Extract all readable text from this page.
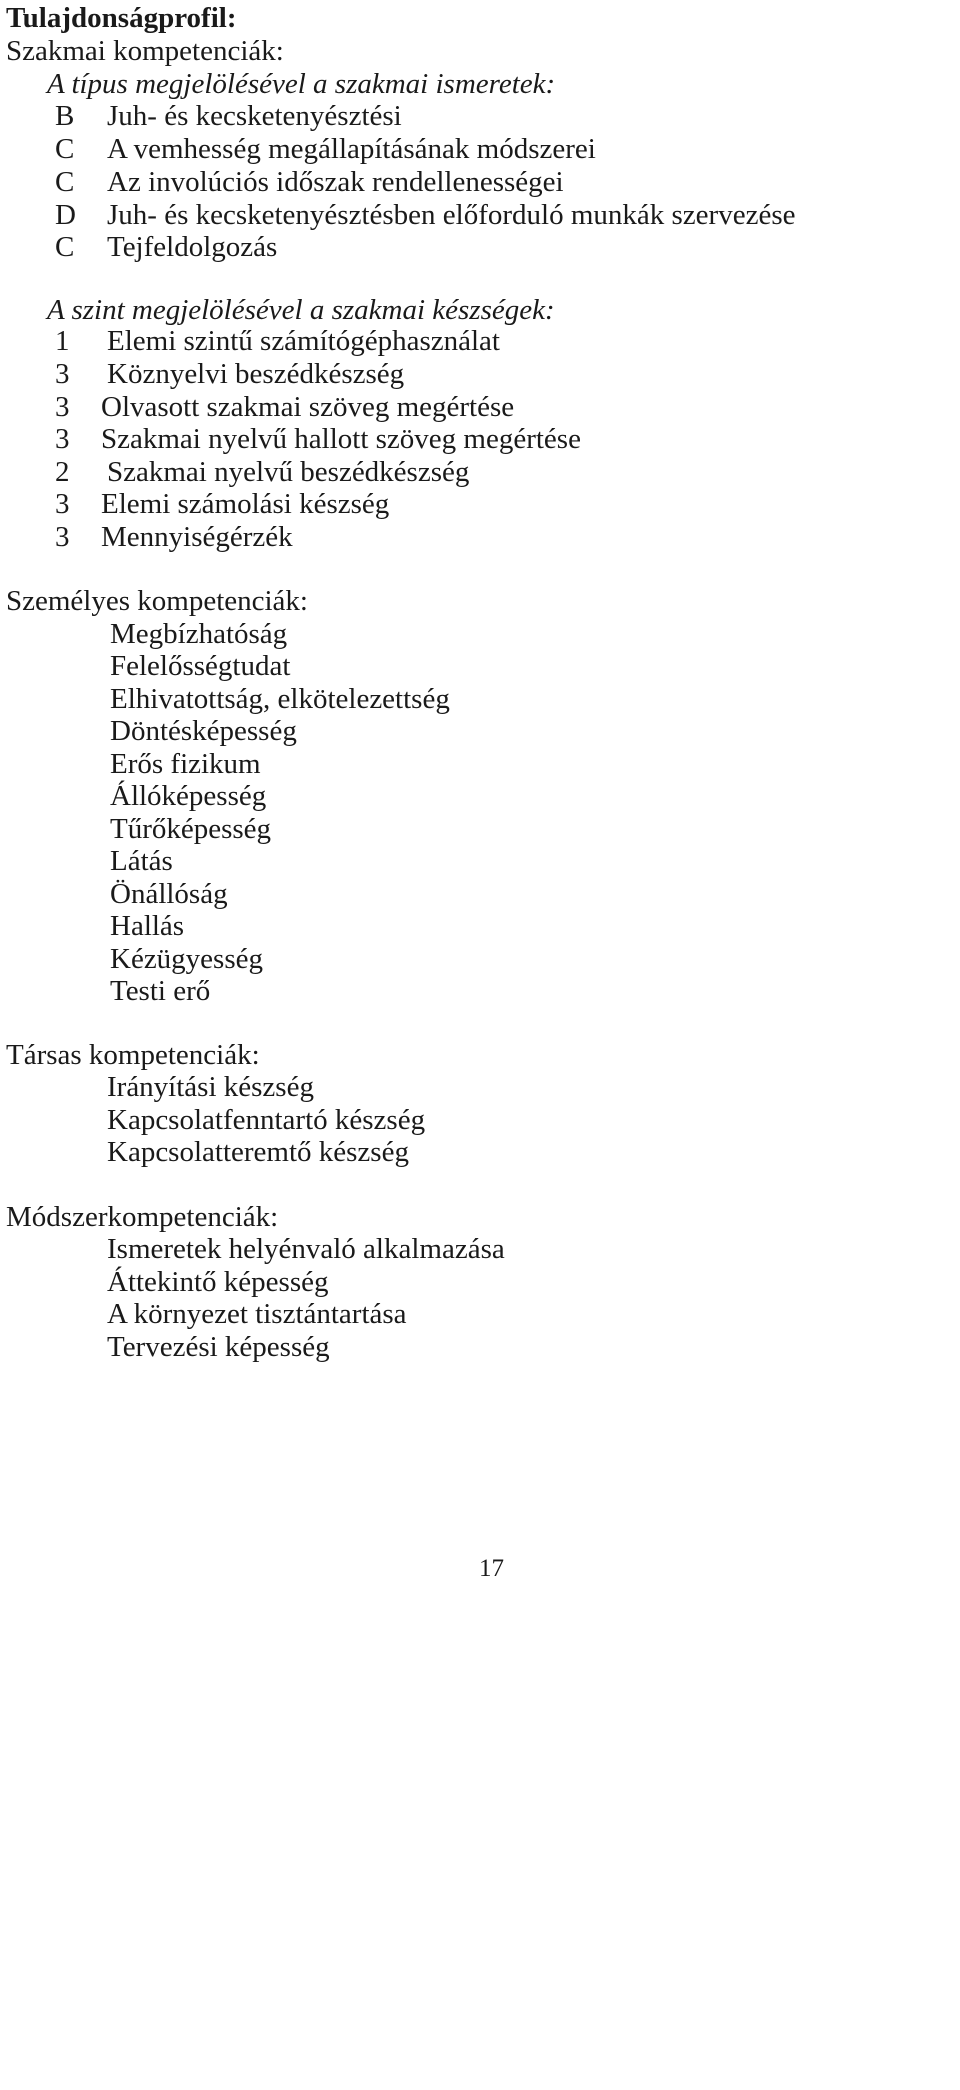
Tulajdonságprofil:
Szakmai kompetenciák:
A típus megjelölésével a szakmai ismeretek:
B Juh- és kecsketenyésztési
C A vemhesség megállapításának módszerei
C Az involúciós időszak rendellenességei
D Juh- és kecsketenyésztésben előforduló munkák szervezése
C Tejfeldolgozás
A szint megjelölésével a szakmai készségek:
1 Elemi szintű számítógéphasználat
3 Köznyelvi beszédkészség
3 Olvasott szakmai szöveg megértése
3 Szakmai nyelvű hallott szöveg megértése
2 Szakmai nyelvű beszédkészség
3 Elemi számolási készség
3 Mennyiségérzék
Személyes kompetenciák:
Megbízhatóság
Felelősségtudat
Elhivatottság, elkötelezettség
Döntésképesség
Erős fizikum
Állóképesség
Tűrőképesség
Látás
Önállóság
Hallás
Kézügyesség
Testi erő
Társas kompetenciák:
Irányítási készség
Kapcsolatfenntartó készség
Kapcsolatteremtő készség
Módszerkompetenciák:
Ismeretek helyénvaló alkalmazása
Áttekintő képesség
A környezet tisztántartása
Tervezési képesség
17
